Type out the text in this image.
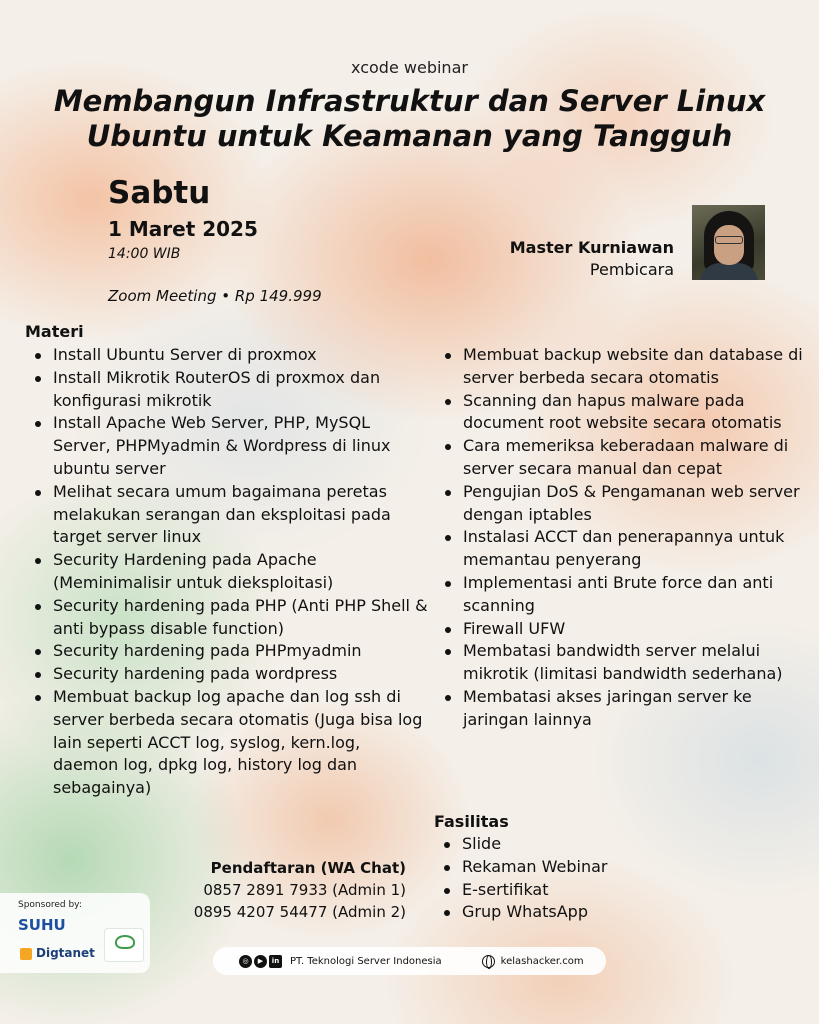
xcode webinar
Membangun Infrastruktur dan Server Linux
Ubuntu untuk Keamanan yang Tangguh
Sabtu
1 Maret 2025
14:00 WIB
Zoom Meeting • Rp 149.999
Master Kurniawan
Pembicara
Materi
Install Ubuntu Server di proxmox
Install Mikrotik RouterOS di proxmox dan konfigurasi mikrotik
Install Apache Web Server, PHP, MySQL Server, PHPMyadmin & Wordpress di linux ubuntu server
Melihat secara umum bagaimana peretas melakukan serangan dan eksploitasi pada target server linux
Security Hardening pada Apache (Meminimalisir untuk dieksploitasi)
Security hardening pada PHP (Anti PHP Shell & anti bypass disable function)
Security hardening pada PHPmyadmin
Security hardening pada wordpress
Membuat backup log apache dan log ssh di server berbeda secara otomatis (Juga bisa log lain seperti ACCT log, syslog, kern.log, daemon log, dpkg log, history log dan sebagainya)
Membuat backup website dan database di server berbeda secara otomatis
Scanning dan hapus malware pada document root website secara otomatis
Cara memeriksa keberadaan malware di server secara manual dan cepat
Pengujian DoS & Pengamanan web server dengan iptables
Instalasi ACCT dan penerapannya untuk memantau penyerang
Implementasi anti Brute force dan anti scanning
Firewall UFW
Membatasi bandwidth server melalui mikrotik (limitasi bandwidth sederhana)
Membatasi akses jaringan server ke jaringan lainnya
Fasilitas
Slide
Rekaman Webinar
E-sertifikat
Grup WhatsApp
Pendaftaran (WA Chat)
0857 2891 7933 (Admin 1)
0895 4207 54477 (Admin 2)
Sponsored by:
SUHU
Digtanet
◎	▶	in PT. Teknologi Server Indonesia	kelashacker.com
